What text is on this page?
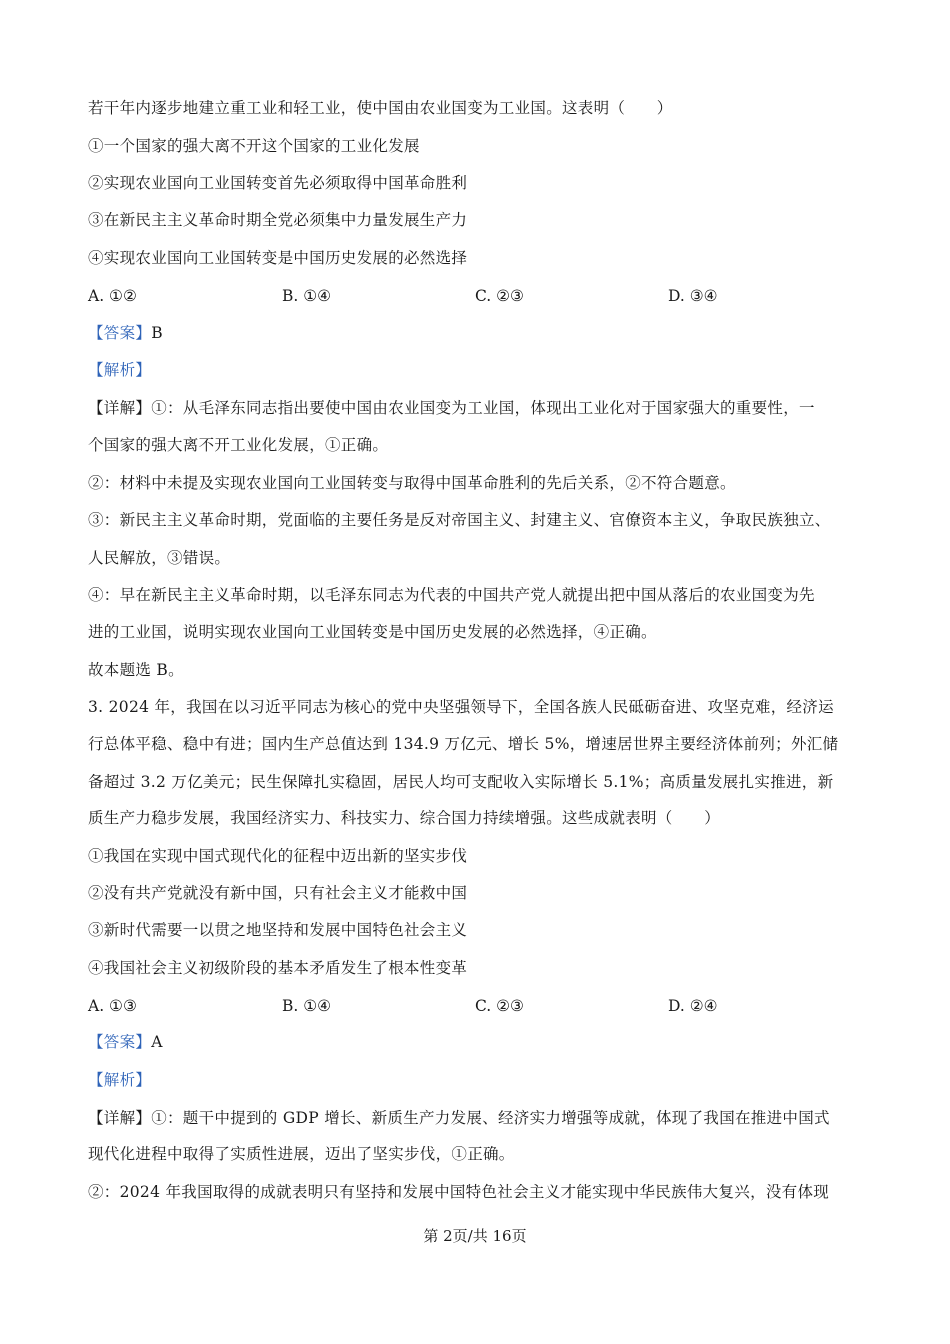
若干年内逐步地建立重工业和轻工业，使中国由农业国变为工业国。这表明（　　）
①一个国家的强大离不开这个国家的工业化发展
②实现农业国向工业国转变首先必须取得中国革命胜利
③在新民主主义革命时期全党必须集中力量发展生产力
④实现农业国向工业国转变是中国历史发展的必然选择
A. ①②	B. ①④	C. ②③	D. ③④
【答案】B
【解析】
【详解】①：从毛泽东同志指出要使中国由农业国变为工业国，体现出工业化对于国家强大的重要性，一
个国家的强大离不开工业化发展，①正确。
②：材料中未提及实现农业国向工业国转变与取得中国革命胜利的先后关系，②不符合题意。
③：新民主主义革命时期，党面临的主要任务是反对帝国主义、封建主义、官僚资本主义，争取民族独立、
人民解放，③错误。
④：早在新民主主义革命时期，以毛泽东同志为代表的中国共产党人就提出把中国从落后的农业国变为先
进的工业国，说明实现农业国向工业国转变是中国历史发展的必然选择，④正确。
故本题选 B。
3. 2024 年，我国在以习近平同志为核心的党中央坚强领导下，全国各族人民砥砺奋进、攻坚克难，经济运
行总体平稳、稳中有进；国内生产总值达到 134.9 万亿元、增长 5%，增速居世界主要经济体前列；外汇储
备超过 3.2 万亿美元；民生保障扎实稳固，居民人均可支配收入实际增长 5.1%；高质量发展扎实推进，新
质生产力稳步发展，我国经济实力、科技实力、综合国力持续增强。这些成就表明（　　）
①我国在实现中国式现代化的征程中迈出新的坚实步伐
②没有共产党就没有新中国，只有社会主义才能救中国
③新时代需要一以贯之地坚持和发展中国特色社会主义
④我国社会主义初级阶段的基本矛盾发生了根本性变革
A. ①③	B. ①④	C. ②③	D. ②④
【答案】A
【解析】
【详解】①：题干中提到的 GDP 增长、新质生产力发展、经济实力增强等成就，体现了我国在推进中国式
现代化进程中取得了实质性进展，迈出了坚实步伐，①正确。
②：2024 年我国取得的成就表明只有坚持和发展中国特色社会主义才能实现中华民族伟大复兴，没有体现
第 2页/共 16页
